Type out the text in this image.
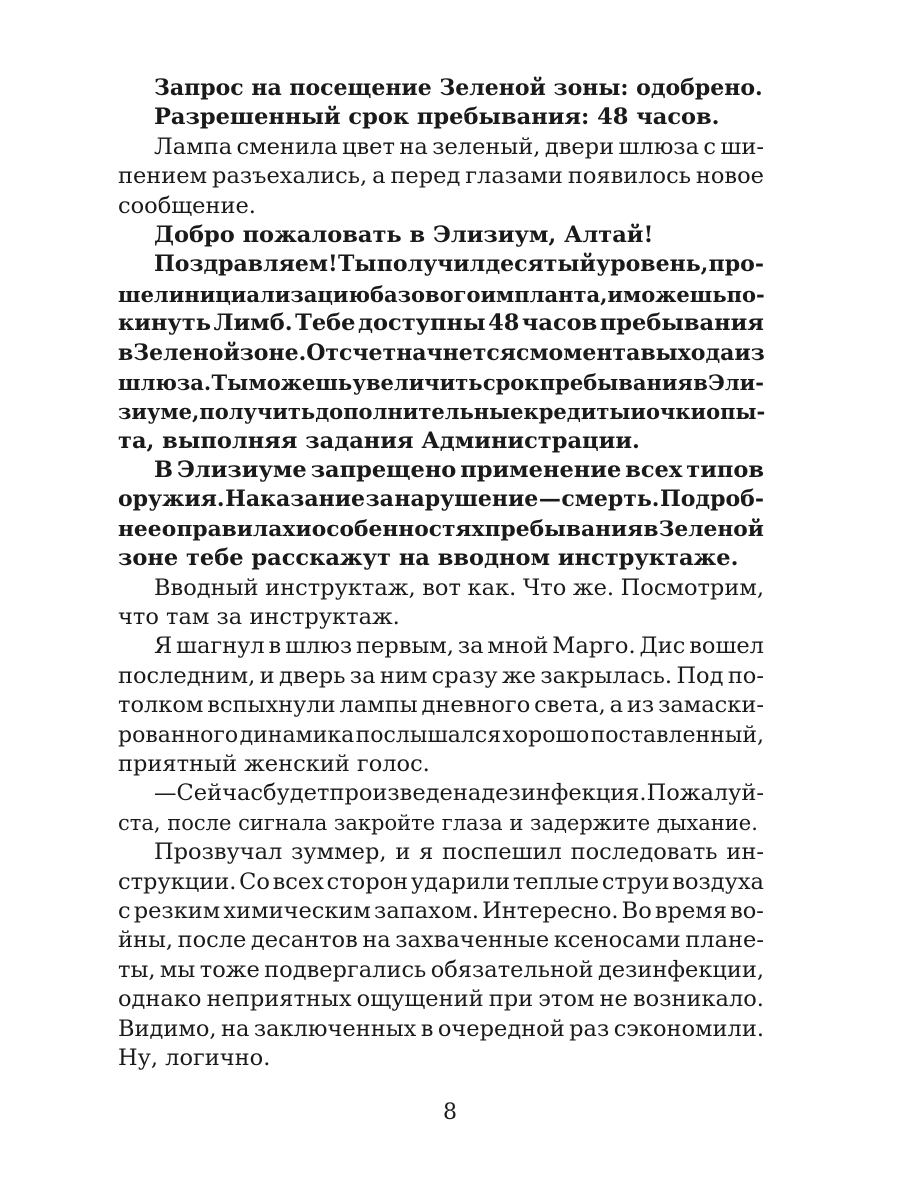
Запрос на посещение Зеленой зоны: одобрено.
Разрешенный срок пребывания: 48 часов.
Лампа сменила цвет на зеленый, двери шлюза с ши-
пением разъехались, а перед глазами появилось новое
сообщение.
Добро пожаловать в Элизиум, Алтай!
Поздравляем! Ты получил десятый уровень, про-
шел инициализацию базового импланта, и можешь по-
кинуть Лимб. Тебе доступны 48 часов пребывания
в Зеленой зоне. Отсчет начнется с момента выхода из
шлюза. Ты можешь увеличить срок пребывания в Эли-
зиуме, получить дополнительные кредиты и очки опы-
та, выполняя задания Администрации.
В Элизиуме запрещено применение всех типов
оружия. Наказание за нарушение — смерть. Подроб-
нее о правилах и особенностях пребывания в Зеленой
зоне тебе расскажут на вводном инструктаже.
Вводный инструктаж, вот как. Что же. Посмотрим,
что там за инструктаж.
Я шагнул в шлюз первым, за мной Марго. Дис вошел
последним, и дверь за ним сразу же закрылась. Под по-
толком вспыхнули лампы дневного света, а из замаски-
рованного динамика послышался хорошо поставленный,
приятный женский голос.
— Сейчас будет произведена дезинфекция. Пожалуй-
ста, после сигнала закройте глаза и задержите дыхание.
Прозвучал зуммер, и я поспешил последовать ин-
струкции. Со всех сторон ударили теплые струи воздуха
с резким химическим запахом. Интересно. Во время во-
йны, после десантов на захваченные ксеносами плане-
ты, мы тоже подвергались обязательной дезинфекции,
однако неприятных ощущений при этом не возникало.
Видимо, на заключенных в очередной раз сэкономили.
Ну, логично.
8
